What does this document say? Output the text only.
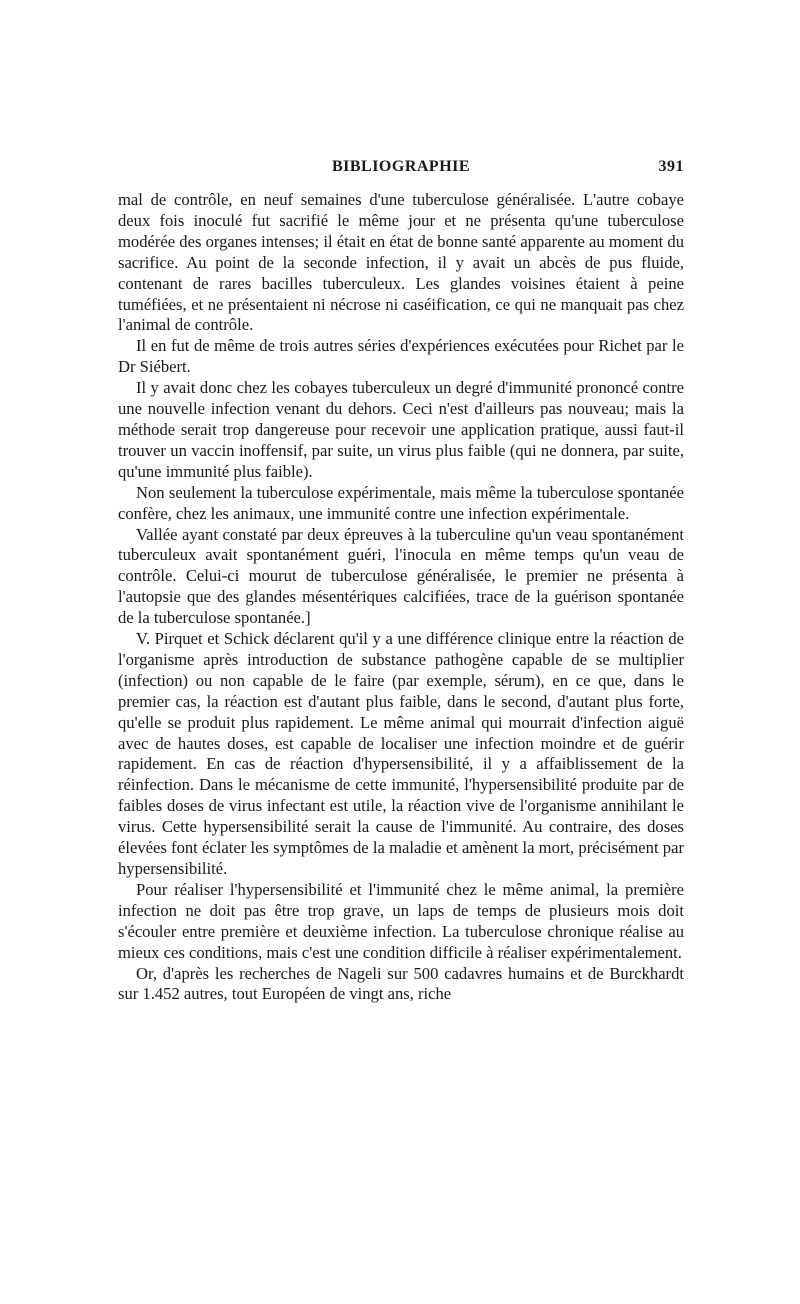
BIBLIOGRAPHIE	391

mal de contrôle, en neuf semaines d'une tuberculose généralisée. L'autre cobaye deux fois inoculé fut sacrifié le même jour et ne présenta qu'une tuberculose modérée des organes intenses; il était en état de bonne santé apparente au moment du sacrifice. Au point de la seconde infection, il y avait un abcès de pus fluide, contenant de rares bacilles tuberculeux. Les glandes voisines étaient à peine tuméfiées, et ne présentaient ni nécrose ni caséification, ce qui ne manquait pas chez l'animal de contrôle.

Il en fut de même de trois autres séries d'expériences exécutées pour Richet par le Dr Siébert.

Il y avait donc chez les cobayes tuberculeux un degré d'immunité prononcé contre une nouvelle infection venant du dehors. Ceci n'est d'ailleurs pas nouveau; mais la méthode serait trop dangereuse pour recevoir une application pratique, aussi faut-il trouver un vaccin inoffensif, par suite, un virus plus faible (qui ne donnera, par suite, qu'une immunité plus faible).

Non seulement la tuberculose expérimentale, mais même la tuberculose spontanée confère, chez les animaux, une immunité contre une infection expérimentale.

Vallée ayant constaté par deux épreuves à la tuberculine qu'un veau spontanément tuberculeux avait spontanément guéri, l'inocula en même temps qu'un veau de contrôle. Celui-ci mourut de tuberculose généralisée, le premier ne présenta à l'autopsie que des glandes mésentériques calcifiées, trace de la guérison spontanée de la tuberculose spontanée.]

V. Pirquet et Schick déclarent qu'il y a une différence clinique entre la réaction de l'organisme après introduction de substance pathogène capable de se multiplier (infection) ou non capable de le faire (par exemple, sérum), en ce que, dans le premier cas, la réaction est d'autant plus faible, dans le second, d'autant plus forte, qu'elle se produit plus rapidement. Le même animal qui mourrait d'infection aiguë avec de hautes doses, est capable de localiser une infection moindre et de guérir rapidement. En cas de réaction d'hypersensibilité, il y a affaiblissement de la réinfection. Dans le mécanisme de cette immunité, l'hypersensibilité produite par de faibles doses de virus infectant est utile, la réaction vive de l'organisme annihilant le virus. Cette hypersensibilité serait la cause de l'immunité. Au contraire, des doses élevées font éclater les symptômes de la maladie et amènent la mort, précisément par hypersensibilité.

Pour réaliser l'hypersensibilité et l'immunité chez le même animal, la première infection ne doit pas être trop grave, un laps de temps de plusieurs mois doit s'écouler entre première et deuxième infection. La tuberculose chronique réalise au mieux ces conditions, mais c'est une condition difficile à réaliser expérimentalement.

Or, d'après les recherches de Nageli sur 500 cadavres humains et de Burckhardt sur 1.452 autres, tout Européen de vingt ans, riche
